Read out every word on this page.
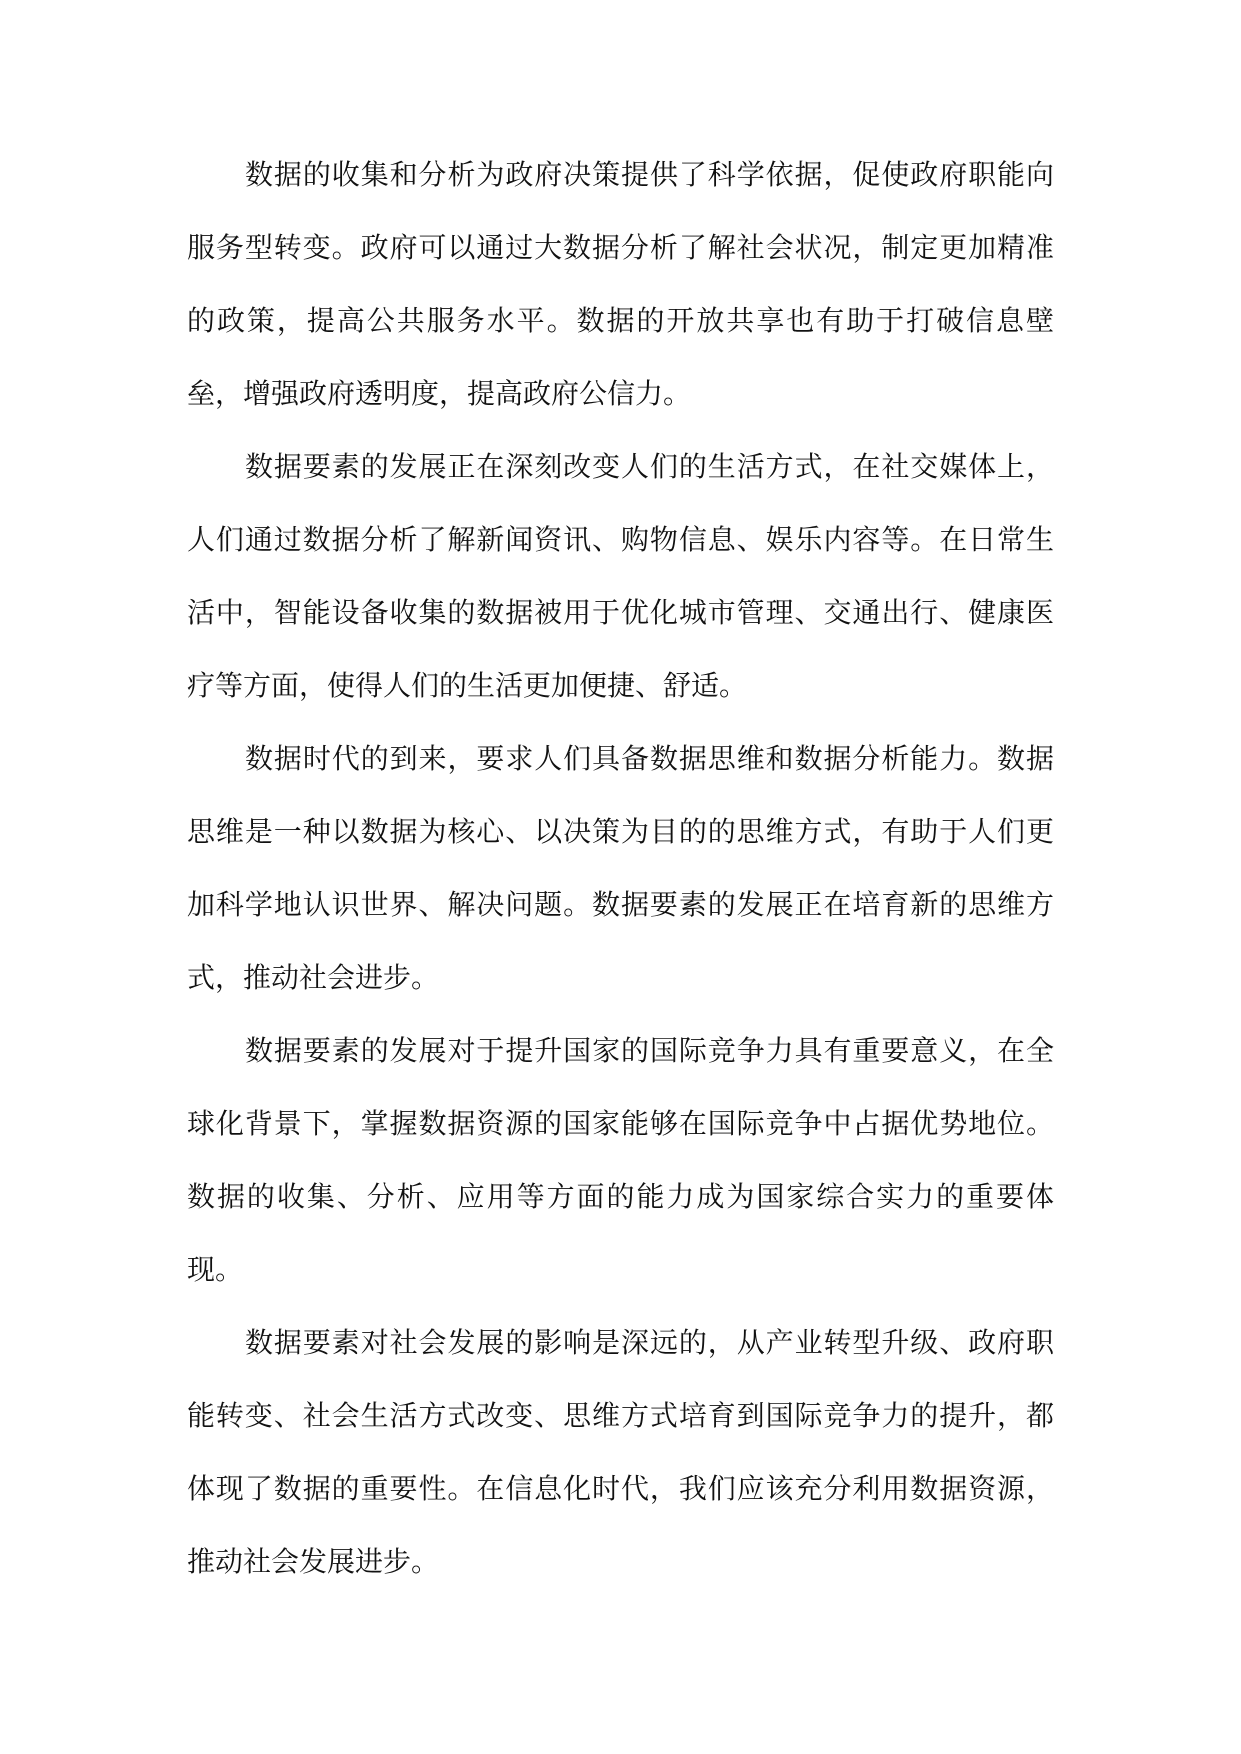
数据的收集和分析为政府决策提供了科学依据，促使政府职能向服务型转变。政府可以通过大数据分析了解社会状况，制定更加精准的政策，提高公共服务水平。数据的开放共享也有助于打破信息壁垒，增强政府透明度，提高政府公信力。

数据要素的发展正在深刻改变人们的生活方式，在社交媒体上，人们通过数据分析了解新闻资讯、购物信息、娱乐内容等。在日常生活中，智能设备收集的数据被用于优化城市管理、交通出行、健康医疗等方面，使得人们的生活更加便捷、舒适。

数据时代的到来，要求人们具备数据思维和数据分析能力。数据思维是一种以数据为核心、以决策为目的的思维方式，有助于人们更加科学地认识世界、解决问题。数据要素的发展正在培育新的思维方式，推动社会进步。

数据要素的发展对于提升国家的国际竞争力具有重要意义，在全球化背景下，掌握数据资源的国家能够在国际竞争中占据优势地位。数据的收集、分析、应用等方面的能力成为国家综合实力的重要体现。

数据要素对社会发展的影响是深远的，从产业转型升级、政府职能转变、社会生活方式改变、思维方式培育到国际竞争力的提升，都体现了数据的重要性。在信息化时代，我们应该充分利用数据资源，推动社会发展进步。
